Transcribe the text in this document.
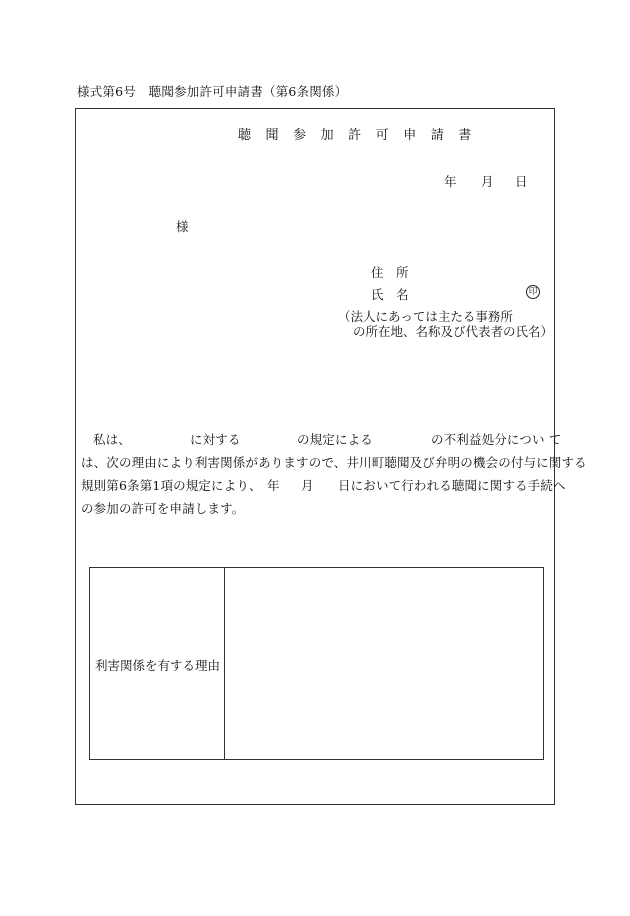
様式第6号　聴聞参加許可申請書（第6条関係）
聴 聞 参 加 許 可 申 請 書
年 月 日
様
住　所
氏　名	印
（法人にあっては主たる事務所
の所在地、名称及び代表者の氏名）
私は、	に対する	の規定による	の不利益処分につい て
は、次の理由により利害関係がありますので、井川町聴聞及び弁明の機会の付与に関する
規則第6条第1項の規定により、 年 月 日において行われる聴聞に関する手続へ
の参加の許可を申請します。
利害関係を有する理由
